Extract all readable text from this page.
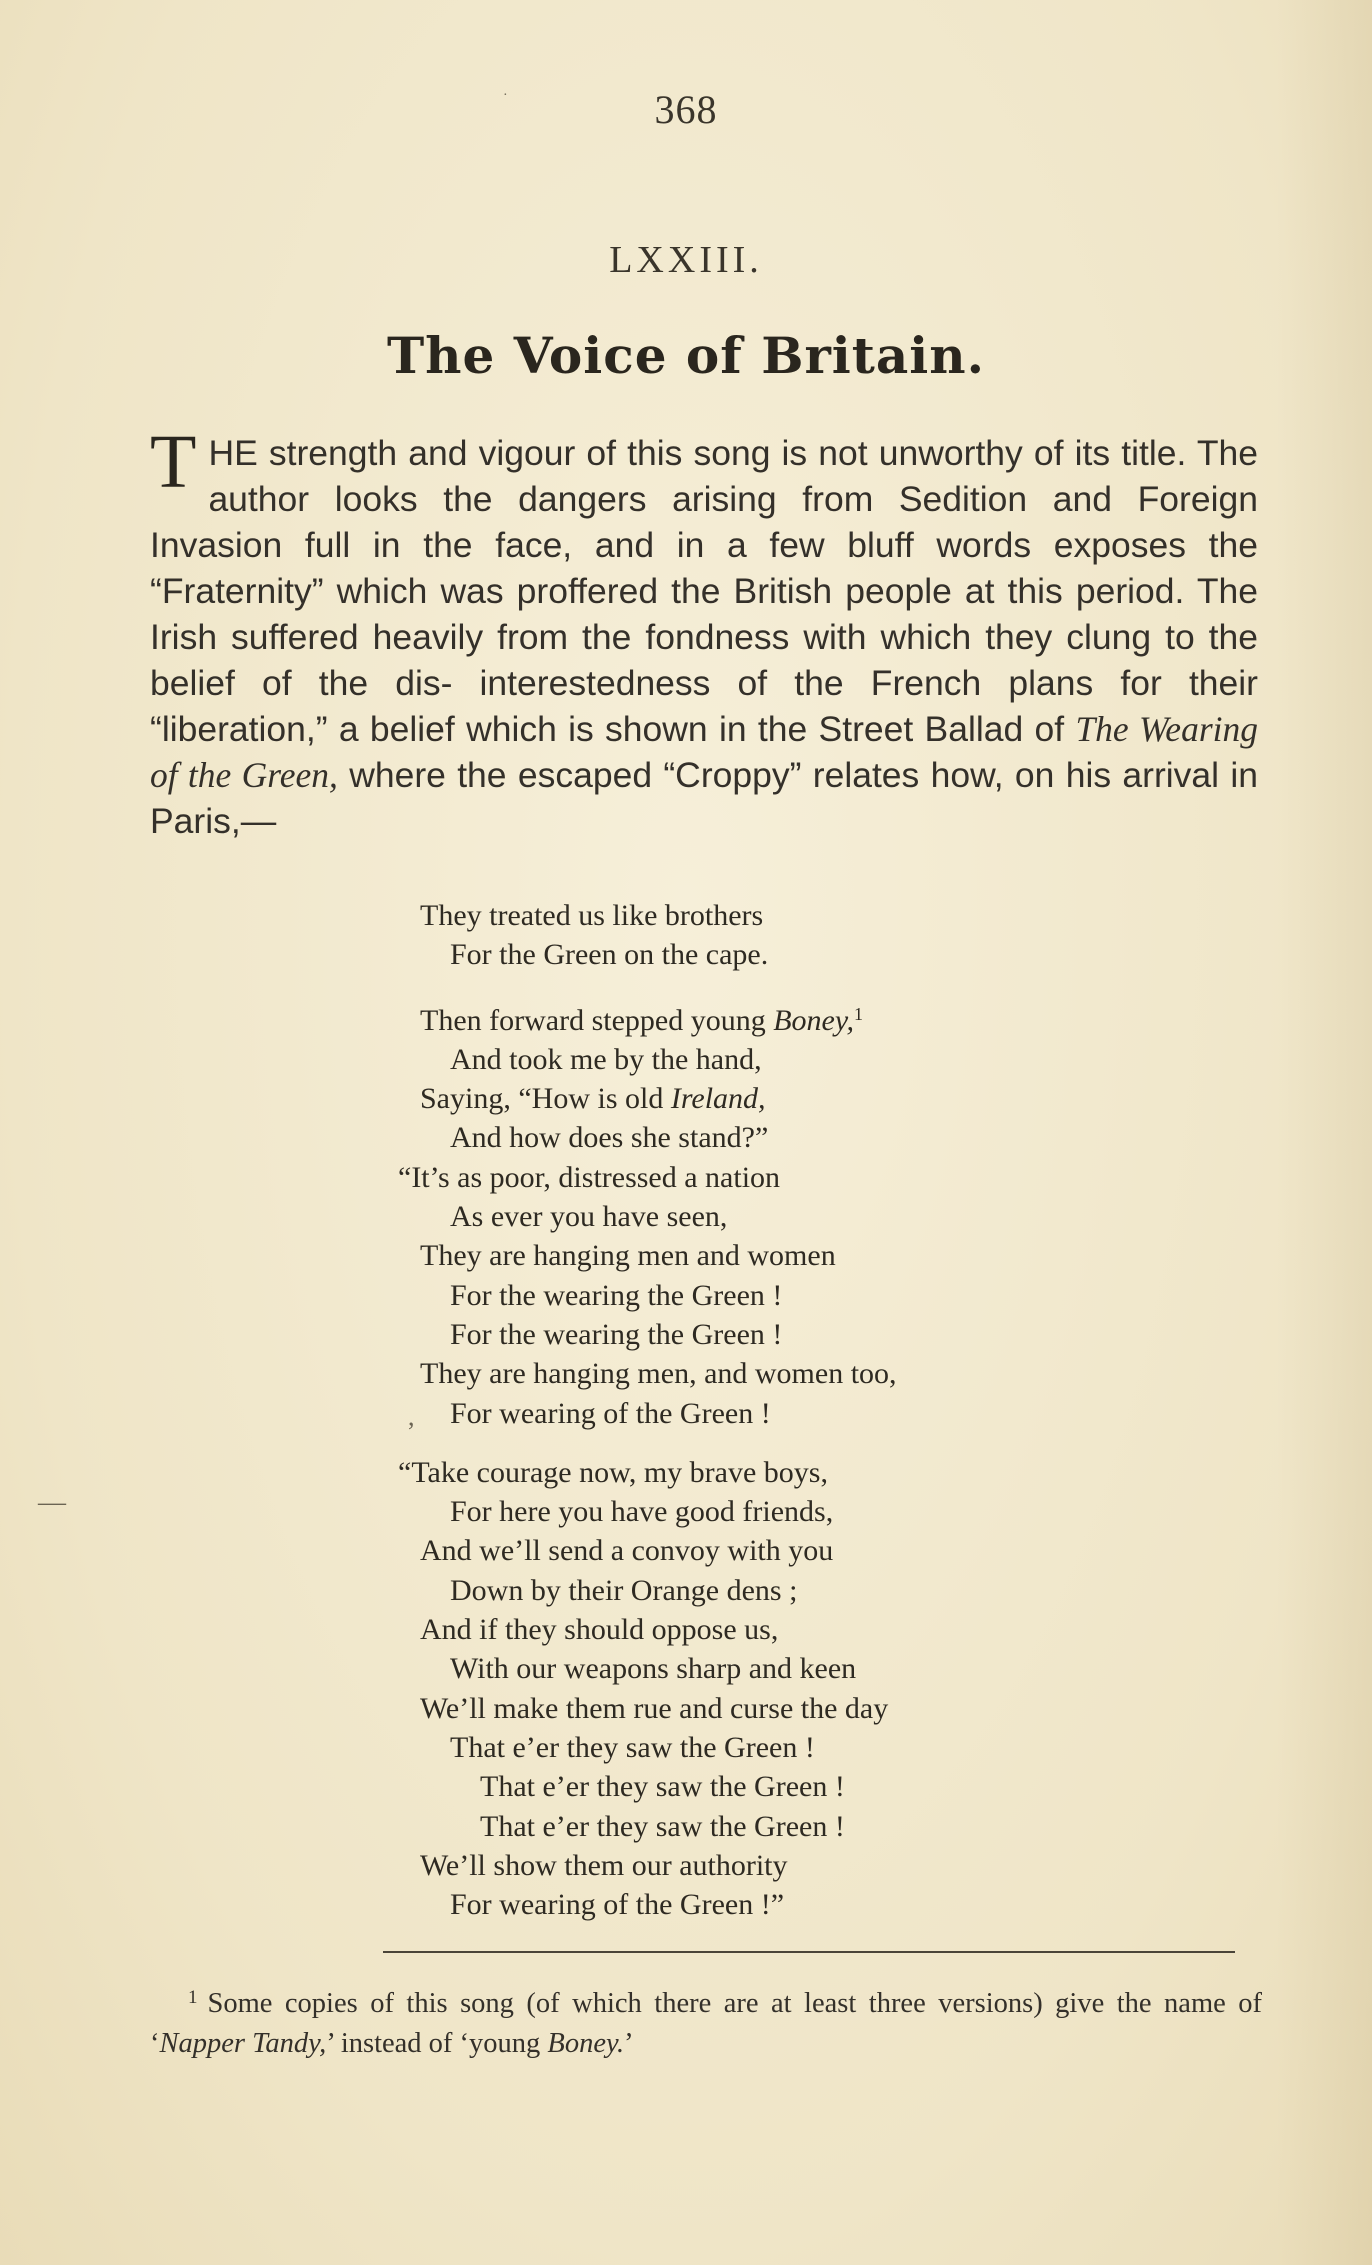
368
LXXIII.
The Voice of Britain.
THE strength and vigour of this song is not unworthy of its title. The author looks the dangers arising from Sedition and Foreign Invasion full in the face, and in a few bluff words exposes the “Fraternity” which was proffered the British people at this period. The Irish suffered heavily from the fondness with which they clung to the belief of the dis- interestedness of the French plans for their “liberation,” a belief which is shown in the Street Ballad of The Wearing of the Green, where the escaped “Croppy” relates how, on his arrival in Paris,—
They treated us like brothers
For the Green on the cape.
Then forward stepped young Boney,$^1$
And took me by the hand,
Saying, “How is old Ireland,
And how does she stand?”
“It’s as poor, distressed a nation
As ever you have seen,
They are hanging men and women
For the wearing the Green !
For the wearing the Green !
They are hanging men, and women too,
For wearing of the Green !
“Take courage now, my brave boys,
For here you have good friends,
And we’ll send a convoy with you
Down by their Orange dens ;
And if they should oppose us,
With our weapons sharp and keen
We’ll make them rue and curse the day
That e’er they saw the Green !
That e’er they saw the Green !
That e’er they saw the Green !
We’ll show them our authority
For wearing of the Green !”
$^1$ Some copies of this song (of which there are at least three versions) give the name of ‘Napper Tandy,’ instead of ‘young Boney.’
—
,
·
